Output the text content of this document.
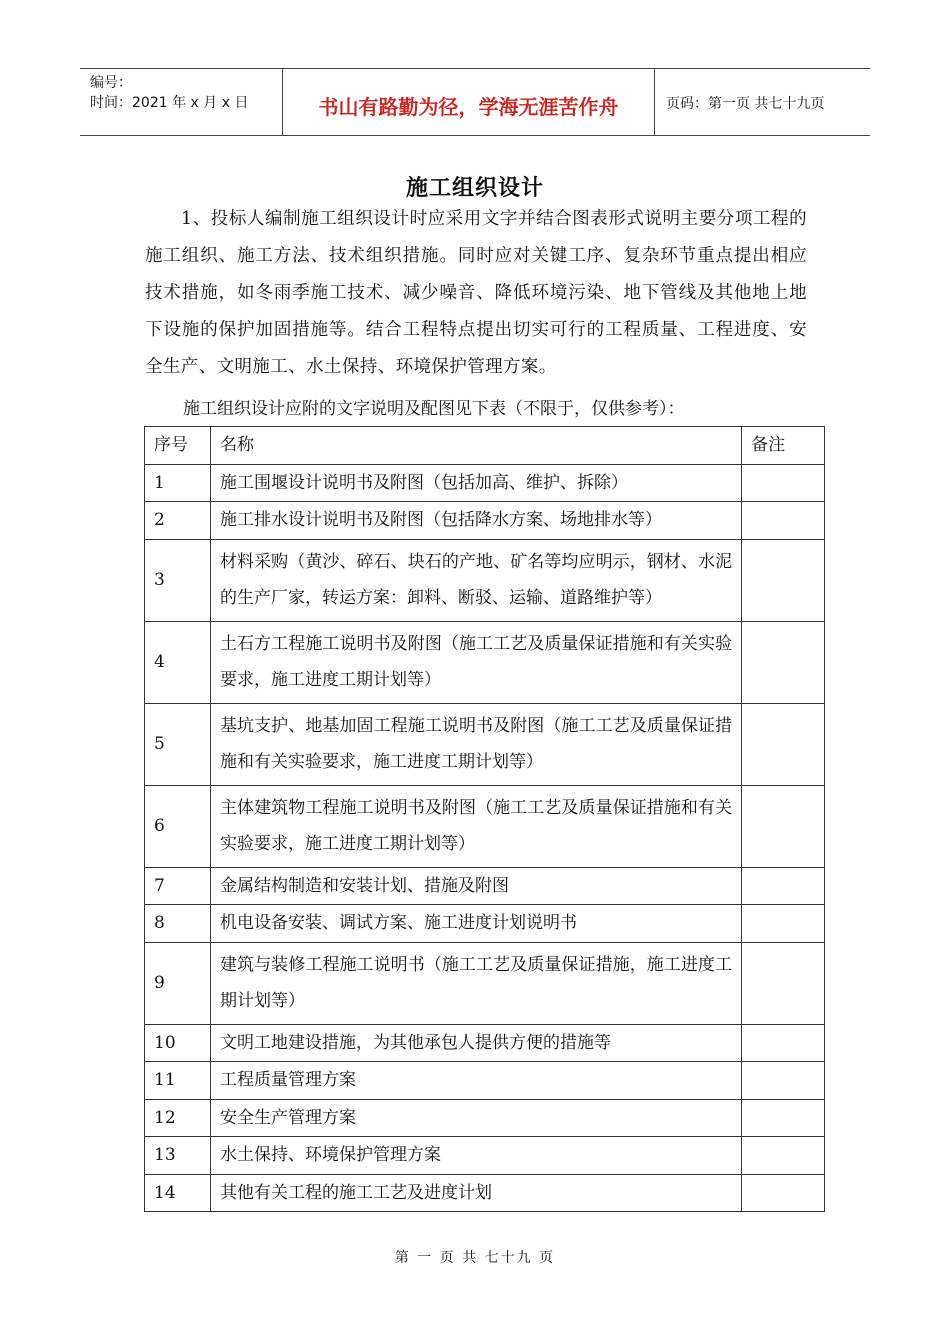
编号：
时间：2021 年 x 月 x 日	书山有路勤为径，学海无涯苦作舟	页码：第一页 共七十九页
施工组织设计
1、投标人编制施工组织设计时应采用文字并结合图表形式说明主要分项工程的施工组织、施工方法、技术组织措施。同时应对关键工序、复杂环节重点提出相应技术措施，如冬雨季施工技术、减少噪音、降低环境污染、地下管线及其他地上地下设施的保护加固措施等。结合工程特点提出切实可行的工程质量、工程进度、安全生产、文明施工、水土保持、环境保护管理方案。
施工组织设计应附的文字说明及配图见下表（不限于，仅供参考）：
序号	名称	备注
1	施工围堰设计说明书及附图（包括加高、维护、拆除）	
2	施工排水设计说明书及附图（包括降水方案、场地排水等）	
3	材料采购（黄沙、碎石、块石的产地、矿名等均应明示，钢材、水泥的生产厂家，转运方案：卸料、断驳、运输、道路维护等）	
4	土石方工程施工说明书及附图（施工工艺及质量保证措施和有关实验要求，施工进度工期计划等）	
5	基坑支护、地基加固工程施工说明书及附图（施工工艺及质量保证措施和有关实验要求，施工进度工期计划等）	
6	主体建筑物工程施工说明书及附图（施工工艺及质量保证措施和有关实验要求，施工进度工期计划等）	
7	金属结构制造和安装计划、措施及附图	
8	机电设备安装、调试方案、施工进度计划说明书	
9	建筑与装修工程施工说明书（施工工艺及质量保证措施，施工进度工期计划等）	
10	文明工地建设措施，为其他承包人提供方便的措施等	
11	工程质量管理方案	
12	安全生产管理方案	
13	水土保持、环境保护管理方案	
14	其他有关工程的施工工艺及进度计划	
第 一 页 共 七十九 页
